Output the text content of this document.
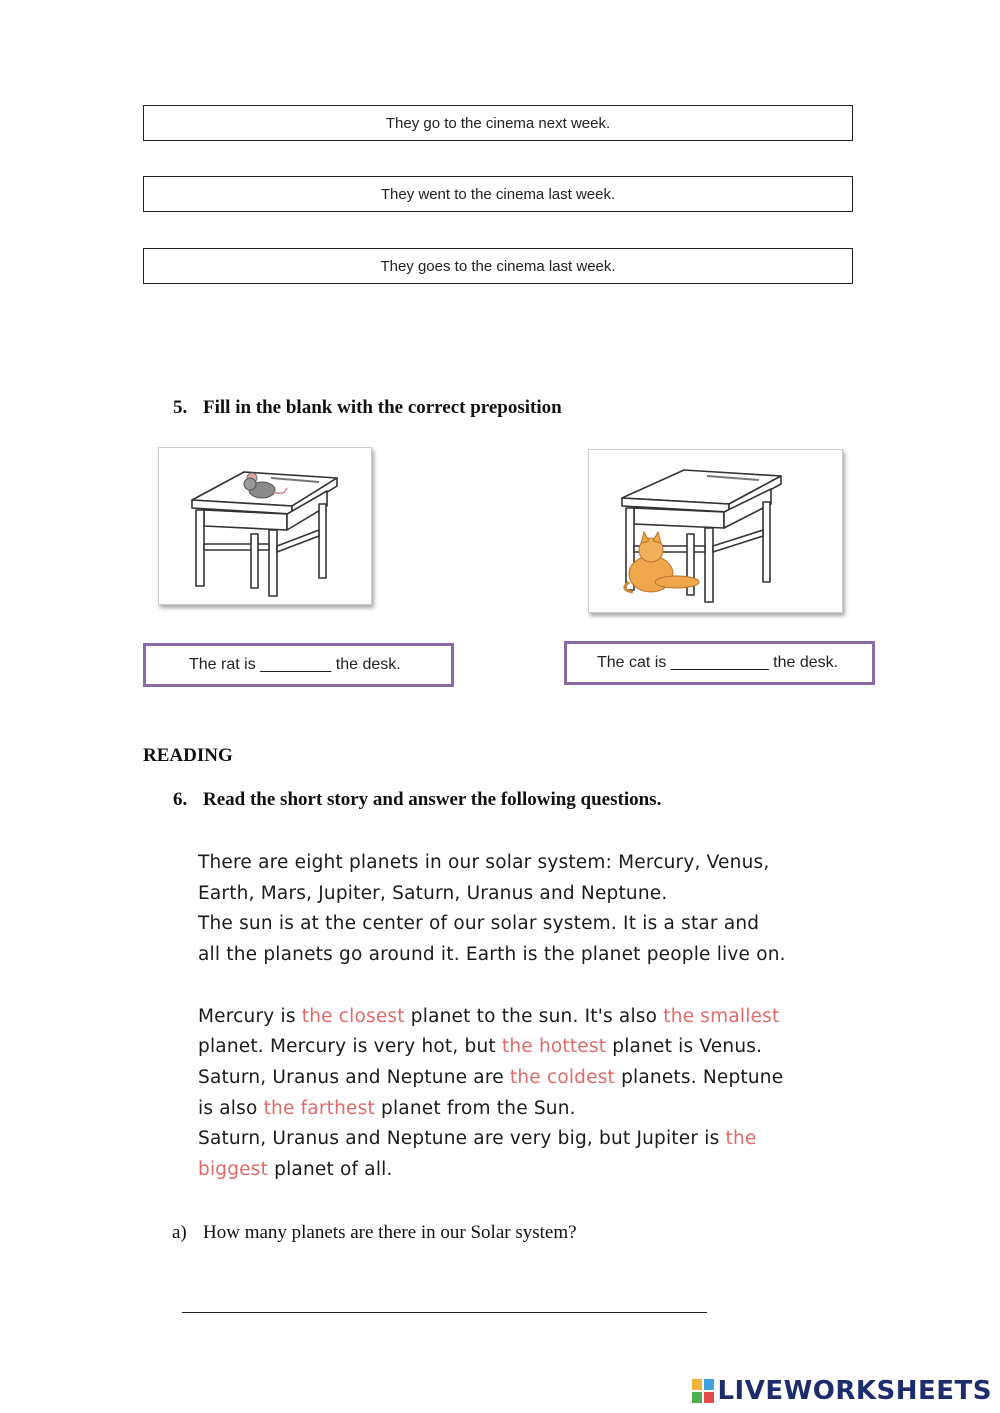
They go to the cinema next week.
They went to the cinema last week.
They goes to the cinema last week.
5. Fill in the blank with the correct preposition
The rat is ________ the desk.	The cat is ___________ the desk.
READING
6. Read the short story and answer the following questions.

There are eight planets in our solar system: Mercury, Venus,

Earth, Mars, Jupiter, Saturn, Uranus and Neptune.

The sun is at the center of our solar system. It is a star and

all the planets go around it. Earth is the planet people live on.

Mercury is the closest planet to the sun. It's also the smallest

planet. Mercury is very hot, but the hottest planet is Venus.

Saturn, Uranus and Neptune are the coldest planets. Neptune

is also the farthest planet from the Sun.

Saturn, Uranus and Neptune are very big, but Jupiter is the

biggest planet of all.

a) How many planets are there in our Solar system?
LIVEWORKSHEETS
